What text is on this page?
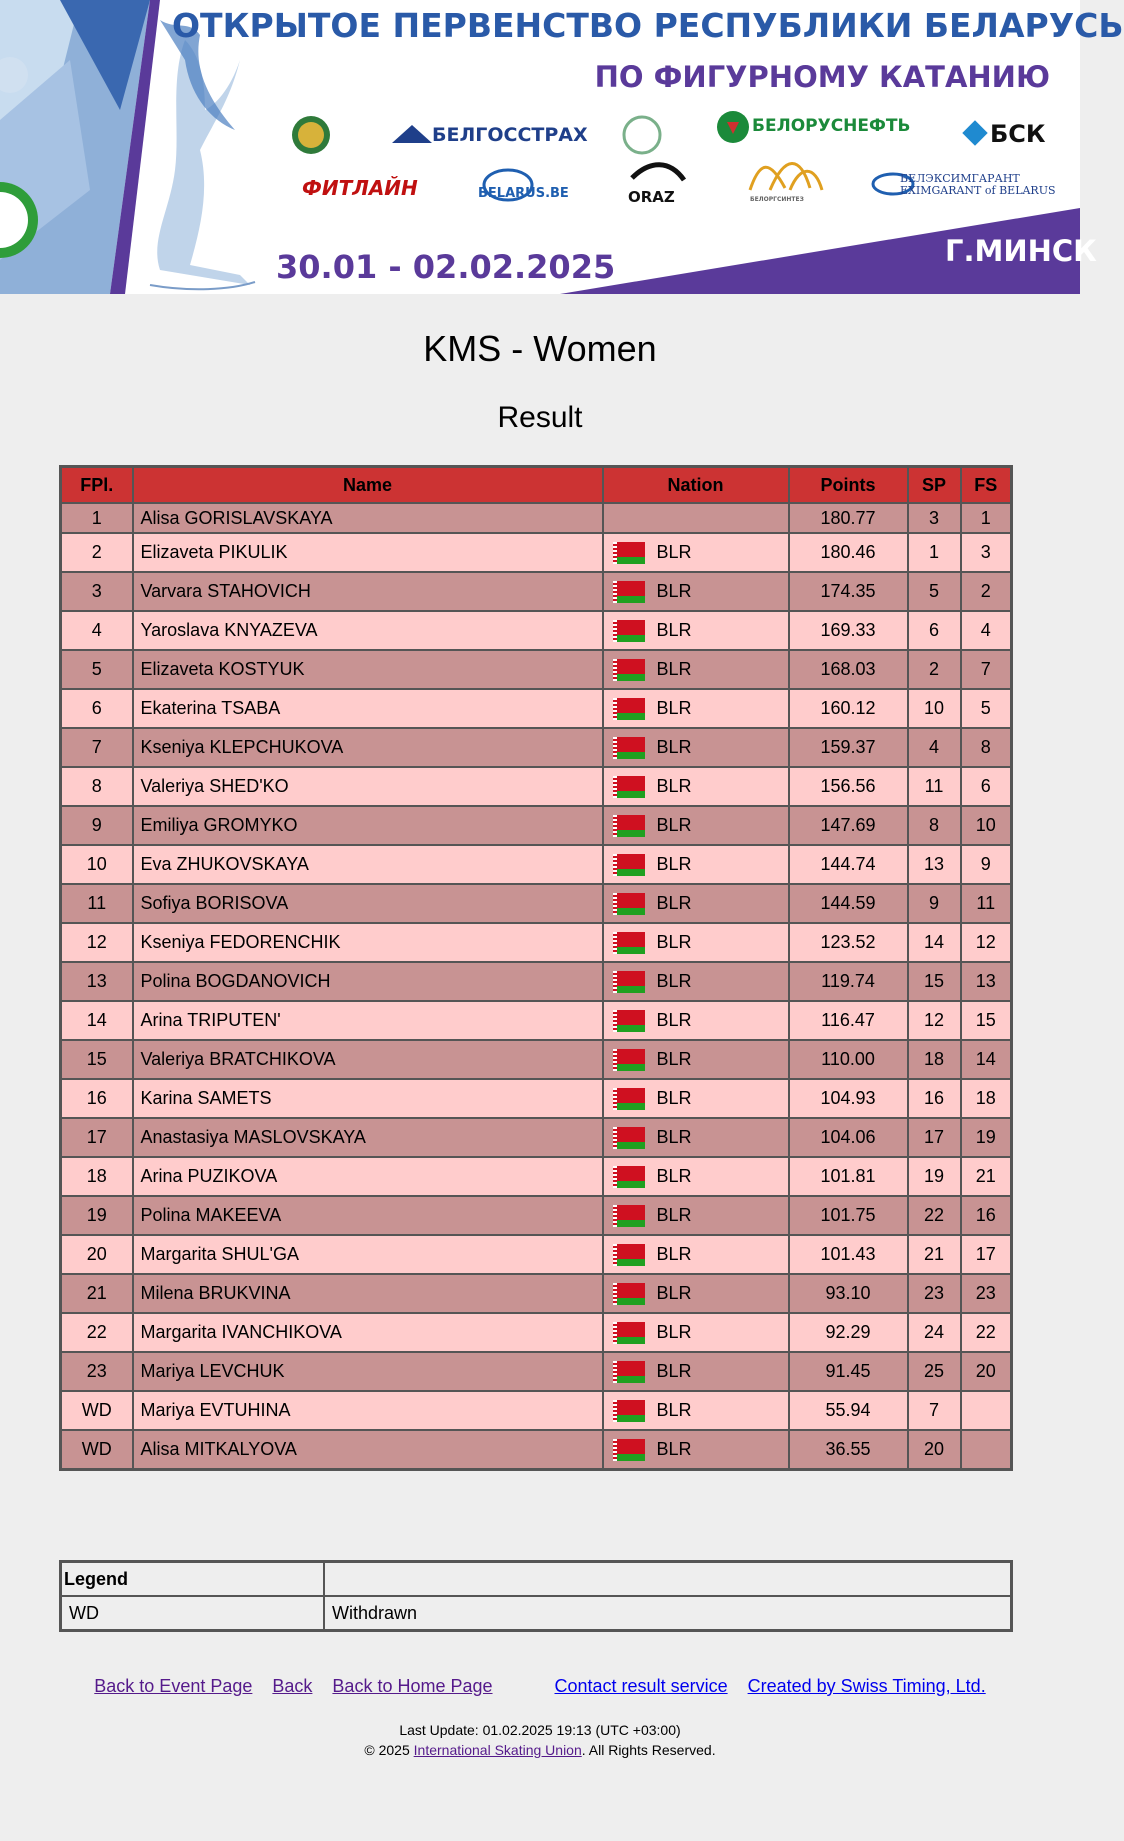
ОТКРЫТОЕ ПЕРВЕНСТВО РЕСПУБЛИКИ БЕЛАРУСЬ
ПО ФИГУРНОМУ КАТАНИЮ
БЕЛГОССТРАХ	БЕЛОРУСНЕФТЬ	БСК
ФИТЛАЙН	BELARUS.BE	ORAZ	БЕЛОРГСИНТЕЗ
БЕЛЭКСИМГАРАНТ
EXIMGARANT of BELARUS
30.01 - 02.02.2025	Г.МИНСК
KMS - Women
Result
FPl.	Name	Nation	Points	SP	FS
1	Alisa GORISLAVSKAYA		180.77	3	1
2	Elizaveta PIKULIK	BLR	180.46	1	3
3	Varvara STAHOVICH	BLR	174.35	5	2
4	Yaroslava KNYAZEVA	BLR	169.33	6	4
5	Elizaveta KOSTYUK	BLR	168.03	2	7
6	Ekaterina TSABA	BLR	160.12	10	5
7	Kseniya KLEPCHUKOVA	BLR	159.37	4	8
8	Valeriya SHED'KO	BLR	156.56	11	6
9	Emiliya GROMYKO	BLR	147.69	8	10
10	Eva ZHUKOVSKAYA	BLR	144.74	13	9
11	Sofiya BORISOVA	BLR	144.59	9	11
12	Kseniya FEDORENCHIK	BLR	123.52	14	12
13	Polina BOGDANOVICH	BLR	119.74	15	13
14	Arina TRIPUTEN'	BLR	116.47	12	15
15	Valeriya BRATCHIKOVA	BLR	110.00	18	14
16	Karina SAMETS	BLR	104.93	16	18
17	Anastasiya MASLOVSKAYA	BLR	104.06	17	19
18	Arina PUZIKOVA	BLR	101.81	19	21
19	Polina MAKEEVA	BLR	101.75	22	16
20	Margarita SHUL'GA	BLR	101.43	21	17
21	Milena BRUKVINA	BLR	93.10	23	23
22	Margarita IVANCHIKOVA	BLR	92.29	24	22
23	Mariya LEVCHUK	BLR	91.45	25	20
WD	Mariya EVTUHINA	BLR	55.94	7	
WD	Alisa MITKALYOVA	BLR	36.55	20	
Legend	
WD	Withdrawn
Back to Event Page Back Back to Home Page	Contact result service Created by Swiss Timing, Ltd.
Last Update: 01.02.2025 19:13 (UTC +03:00)
© 2025 International Skating Union. All Rights Reserved.
